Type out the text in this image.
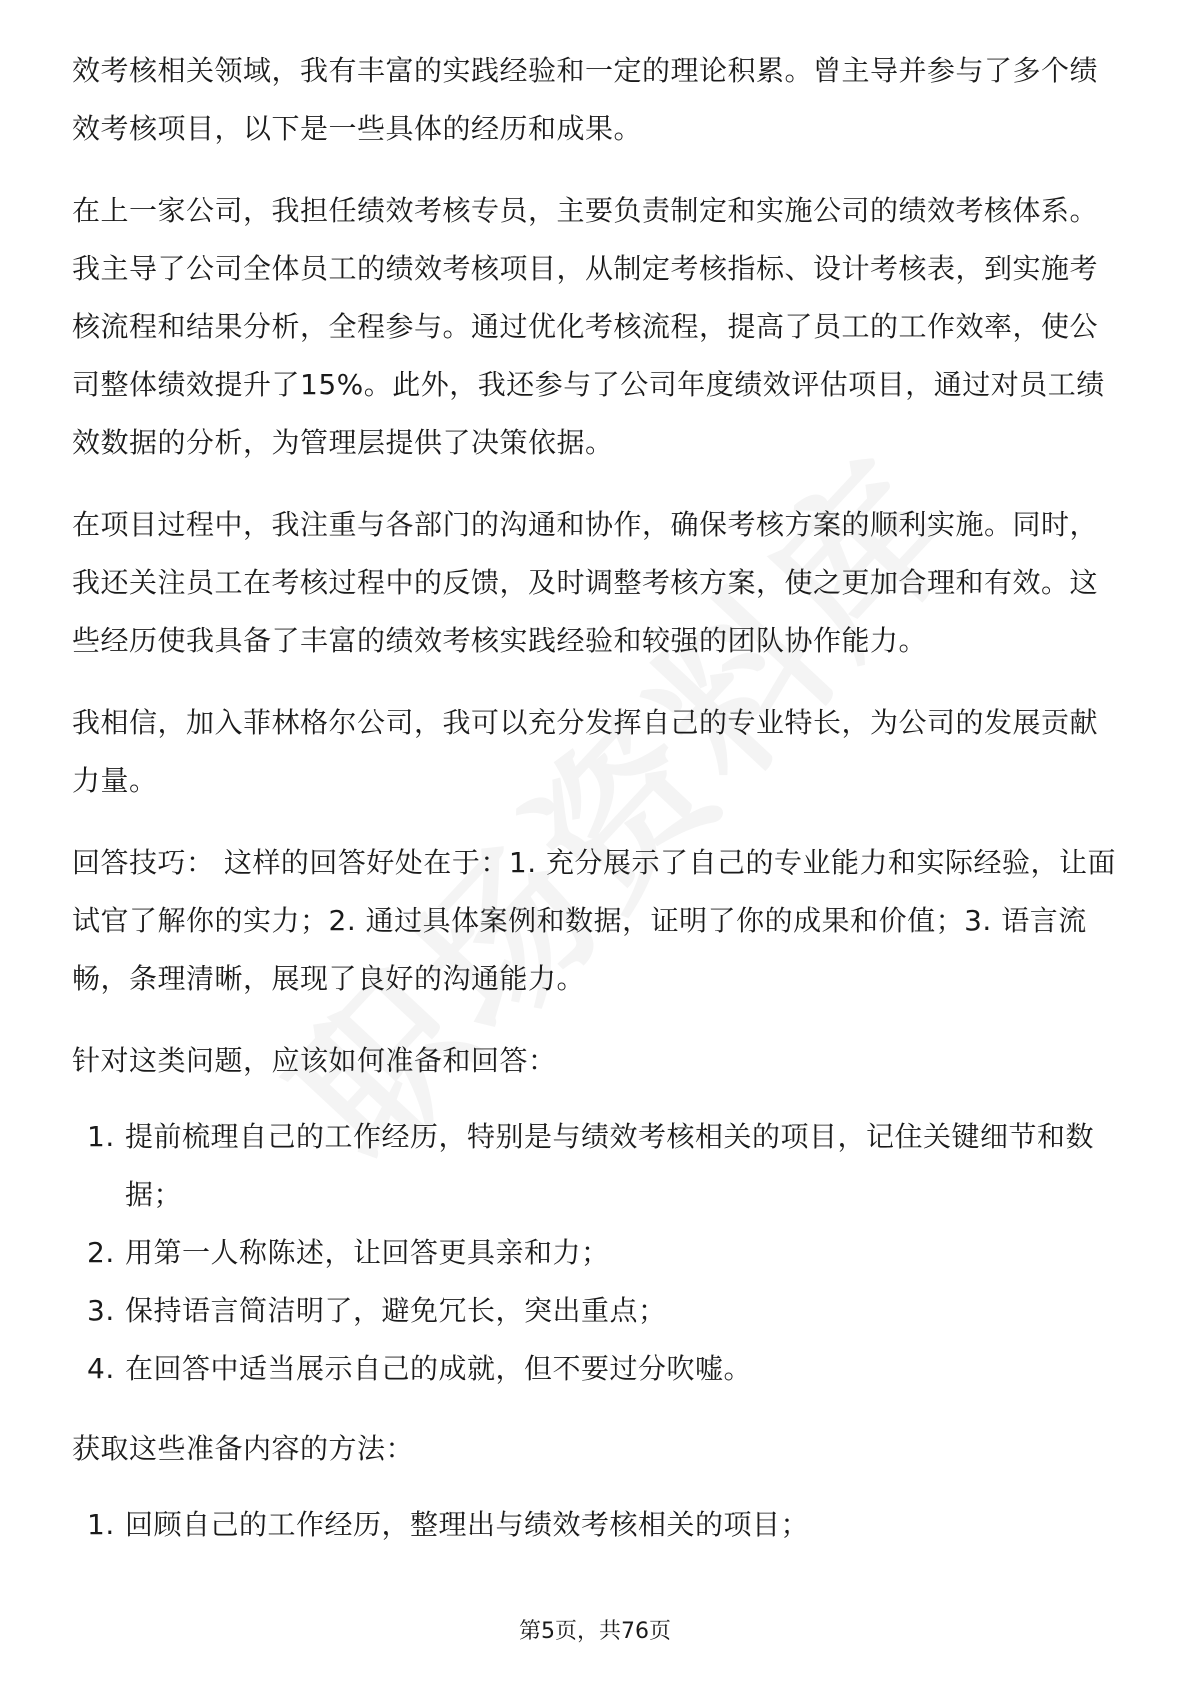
效考核相关领域，我有丰富的实践经验和一定的理论积累。曾主导并参与了多个绩效考核项目，以下是一些具体的经历和成果。

在上一家公司，我担任绩效考核专员，主要负责制定和实施公司的绩效考核体系。我主导了公司全体员工的绩效考核项目，从制定考核指标、设计考核表，到实施考核流程和结果分析，全程参与。通过优化考核流程，提高了员工的工作效率，使公司整体绩效提升了15%。此外，我还参与了公司年度绩效评估项目，通过对员工绩效数据的分析，为管理层提供了决策依据。

在项目过程中，我注重与各部门的沟通和协作，确保考核方案的顺利实施。同时，我还关注员工在考核过程中的反馈，及时调整考核方案，使之更加合理和有效。这些经历使我具备了丰富的绩效考核实践经验和较强的团队协作能力。

我相信，加入菲林格尔公司，我可以充分发挥自己的专业特长，为公司的发展贡献力量。

回答技巧： 这样的回答好处在于：1. 充分展示了自己的专业能力和实际经验，让面试官了解你的实力；2. 通过具体案例和数据，证明了你的成果和价值；3. 语言流畅，条理清晰，展现了良好的沟通能力。

针对这类问题，应该如何准备和回答：

1. 提前梳理自己的工作经历，特别是与绩效考核相关的项目，记住关键细节和数据；
2. 用第一人称陈述，让回答更具亲和力；
3. 保持语言简洁明了，避免冗长，突出重点；
4. 在回答中适当展示自己的成就，但不要过分吹嘘。

获取这些准备内容的方法：

1. 回顾自己的工作经历，整理出与绩效考核相关的项目；
第5页，共76页
